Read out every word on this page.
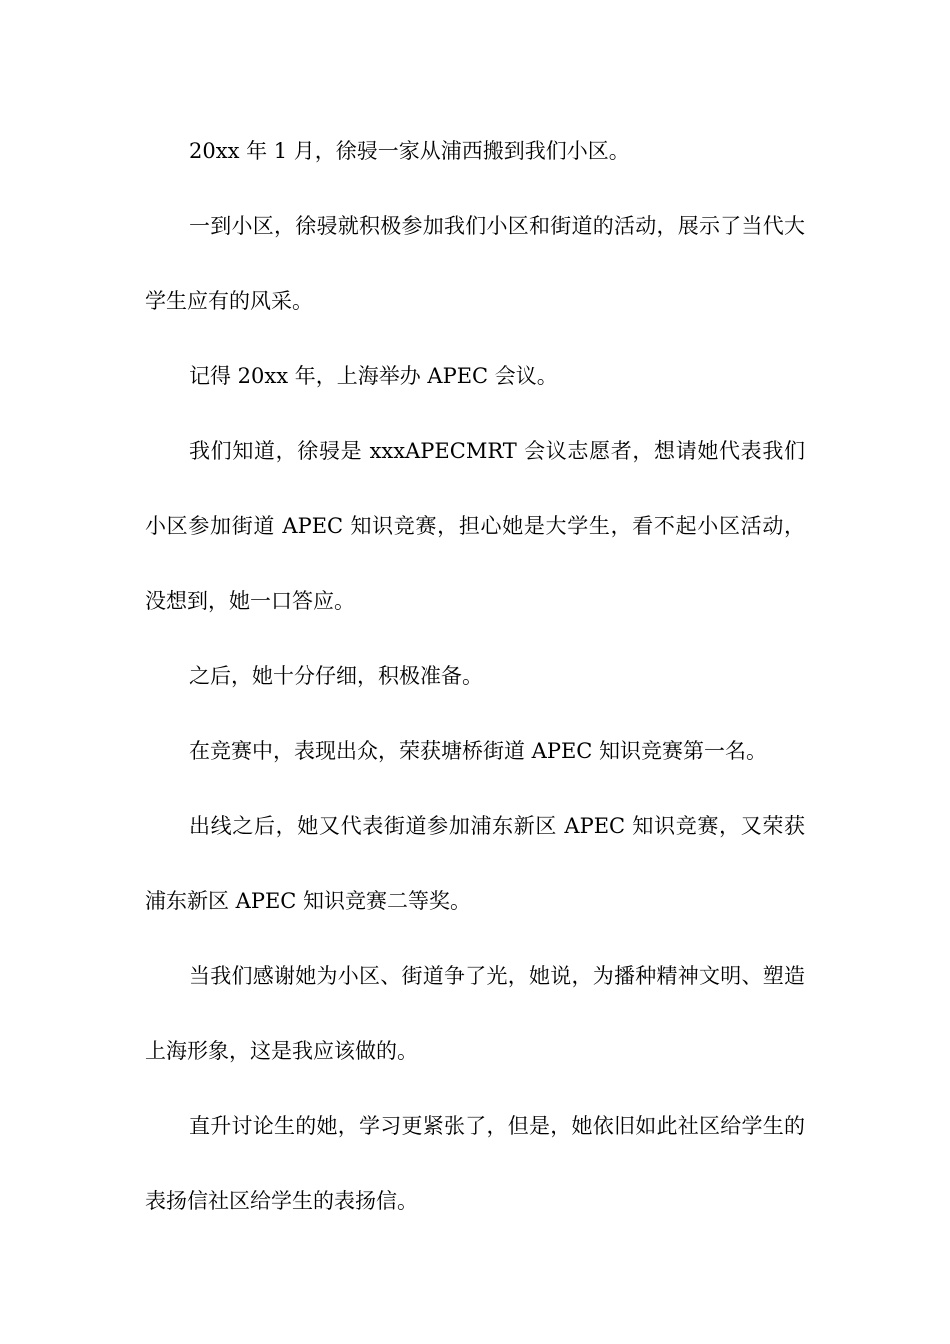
20xx 年 1 月，徐骎一家从浦西搬到我们小区。

一到小区，徐骎就积极参加我们小区和街道的活动，展示了当代大学生应有的风采。

记得 20xx 年，上海举办 APEC 会议。

我们知道，徐骎是 xxxAPECMRT 会议志愿者，想请她代表我们小区参加街道 APEC 知识竞赛，担心她是大学生，看不起小区活动，没想到，她一口答应。

之后，她十分仔细，积极准备。

在竞赛中，表现出众，荣获塘桥街道 APEC 知识竞赛第一名。

出线之后，她又代表街道参加浦东新区 APEC 知识竞赛，又荣获浦东新区 APEC 知识竞赛二等奖。

当我们感谢她为小区、街道争了光，她说，为播种精神文明、塑造上海形象，这是我应该做的。

直升讨论生的她，学习更紧张了，但是，她依旧如此社区给学生的表扬信社区给学生的表扬信。
